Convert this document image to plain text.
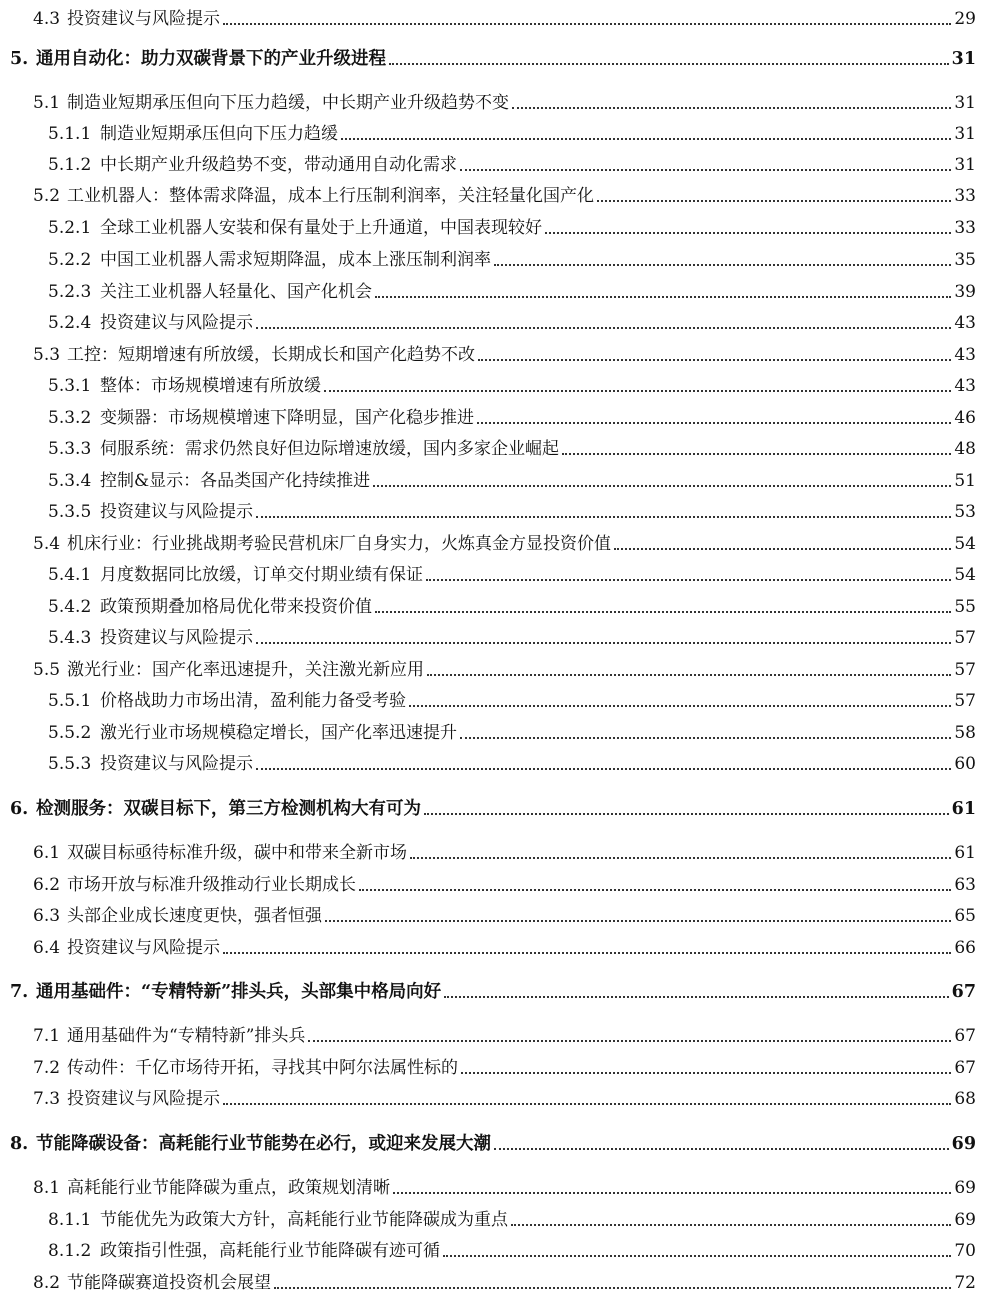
4.3 投资建议与风险提示	29
5. 通用自动化：助力双碳背景下的产业升级进程	31
5.1 制造业短期承压但向下压力趋缓，中长期产业升级趋势不变	31
5.1.1 制造业短期承压但向下压力趋缓	31
5.1.2 中长期产业升级趋势不变，带动通用自动化需求	31
5.2 工业机器人：整体需求降温，成本上行压制利润率，关注轻量化国产化	33
5.2.1 全球工业机器人安装和保有量处于上升通道，中国表现较好	33
5.2.2 中国工业机器人需求短期降温，成本上涨压制利润率	35
5.2.3 关注工业机器人轻量化、国产化机会	39
5.2.4 投资建议与风险提示	43
5.3 工控：短期增速有所放缓，长期成长和国产化趋势不改	43
5.3.1 整体：市场规模增速有所放缓	43
5.3.2 变频器：市场规模增速下降明显，国产化稳步推进	46
5.3.3 伺服系统：需求仍然良好但边际增速放缓，国内多家企业崛起	48
5.3.4 控制&显示：各品类国产化持续推进	51
5.3.5 投资建议与风险提示	53
5.4 机床行业：行业挑战期考验民营机床厂自身实力，火炼真金方显投资价值	54
5.4.1 月度数据同比放缓，订单交付期业绩有保证	54
5.4.2 政策预期叠加格局优化带来投资价值	55
5.4.3 投资建议与风险提示	57
5.5 激光行业：国产化率迅速提升，关注激光新应用	57
5.5.1 价格战助力市场出清，盈利能力备受考验	57
5.5.2 激光行业市场规模稳定增长，国产化率迅速提升	58
5.5.3 投资建议与风险提示	60
6. 检测服务：双碳目标下，第三方检测机构大有可为	61
6.1 双碳目标亟待标准升级，碳中和带来全新市场	61
6.2 市场开放与标准升级推动行业长期成长	63
6.3 头部企业成长速度更快，强者恒强	65
6.4 投资建议与风险提示	66
7. 通用基础件：“专精特新”排头兵，头部集中格局向好	67
7.1 通用基础件为“专精特新”排头兵	67
7.2 传动件：千亿市场待开拓，寻找其中阿尔法属性标的	67
7.3 投资建议与风险提示	68
8. 节能降碳设备：高耗能行业节能势在必行，或迎来发展大潮	69
8.1 高耗能行业节能降碳为重点，政策规划清晰	69
8.1.1 节能优先为政策大方针，高耗能行业节能降碳成为重点	69
8.1.2 政策指引性强，高耗能行业节能降碳有迹可循	70
8.2 节能降碳赛道投资机会展望	72
